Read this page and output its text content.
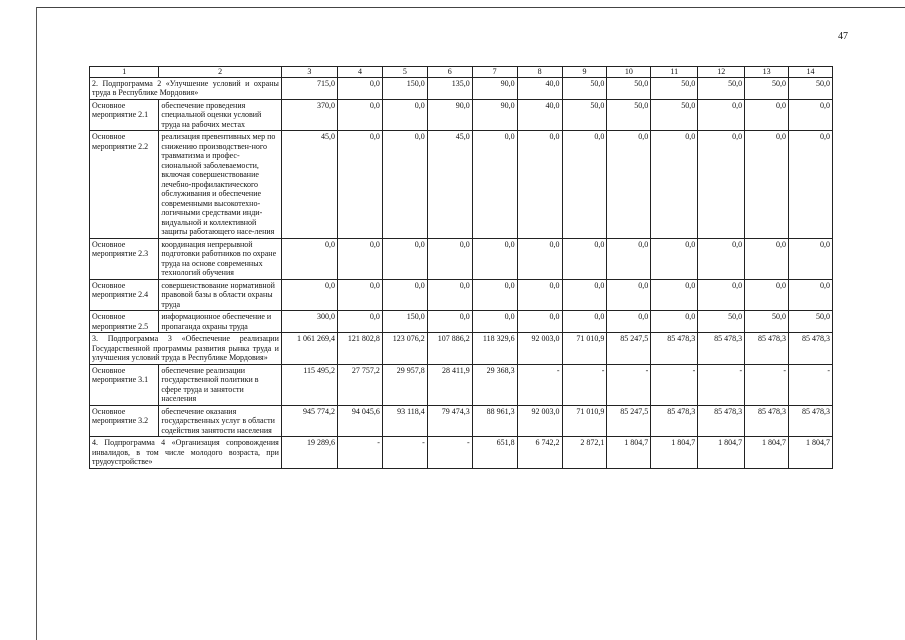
47
1	2	3	4	5	6	7	8	9	10	11	12	13	14
2. Подпрограмма 2 «Улучшение условий и охраны труда в Республике Мордовия»		715,0	0,0	150,0	135,0	90,0	40,0	50,0	50,0	50,0	50,0	50,0	50,0
Основное мероприятие 2.1	обеспечение проведения специальной оценки условий труда на рабочих местах	370,0	0,0	0,0	90,0	90,0	40,0	50,0	50,0	50,0	0,0	0,0	0,0
Основное мероприятие 2.2	реализация превентивных мер по снижению производствен-ного травматизма и профес-сиональной заболеваемости, включая совершенствование лечебно-профилактического обслуживания и обеспечение современными высокотехно-логичными средствами инди-видуальной и коллективной защиты работающего насе-ления	45,0	0,0	0,0	45,0	0,0	0,0	0,0	0,0	0,0	0,0	0,0	0,0
Основное мероприятие 2.3	координация непрерывной подготовки работников по охране труда на основе современных технологий обучения	0,0	0,0	0,0	0,0	0,0	0,0	0,0	0,0	0,0	0,0	0,0	0,0
Основное мероприятие 2.4	совершенствование нормативной правовой базы в области охраны труда	0,0	0,0	0,0	0,0	0,0	0,0	0,0	0,0	0,0	0,0	0,0	0,0
Основное мероприятие 2.5	информационное обеспечение и пропаганда охраны труда	300,0	0,0	150,0	0,0	0,0	0,0	0,0	0,0	0,0	50,0	50,0	50,0
3. Подпрограмма 3 «Обеспечение реализации Государственной программы развития рынка труда и улучшения условий труда в Республике Мордовия»		1 061 269,4	121 802,8	123 076,2	107 886,2	118 329,6	92 003,0	71 010,9	85 247,5	85 478,3	85 478,3	85 478,3	85 478,3
Основное мероприятие 3.1	обеспечение реализации государственной политики в сфере труда и занятости населения	115 495,2	27 757,2	29 957,8	28 411,9	29 368,3	-	-	-	-	-	-	-
Основное мероприятие 3.2	обеспечение оказания государственных услуг в области содействия занятости населения	945 774,2	94 045,6	93 118,4	79 474,3	88 961,3	92 003,0	71 010,9	85 247,5	85 478,3	85 478,3	85 478,3	85 478,3
4. Подпрограмма 4 «Организация сопровождения инвалидов, в том числе молодого возраста, при трудоустройстве»		19 289,6	-	-	-	651,8	6 742,2	2 872,1	1 804,7	1 804,7	1 804,7	1 804,7	1 804,7
